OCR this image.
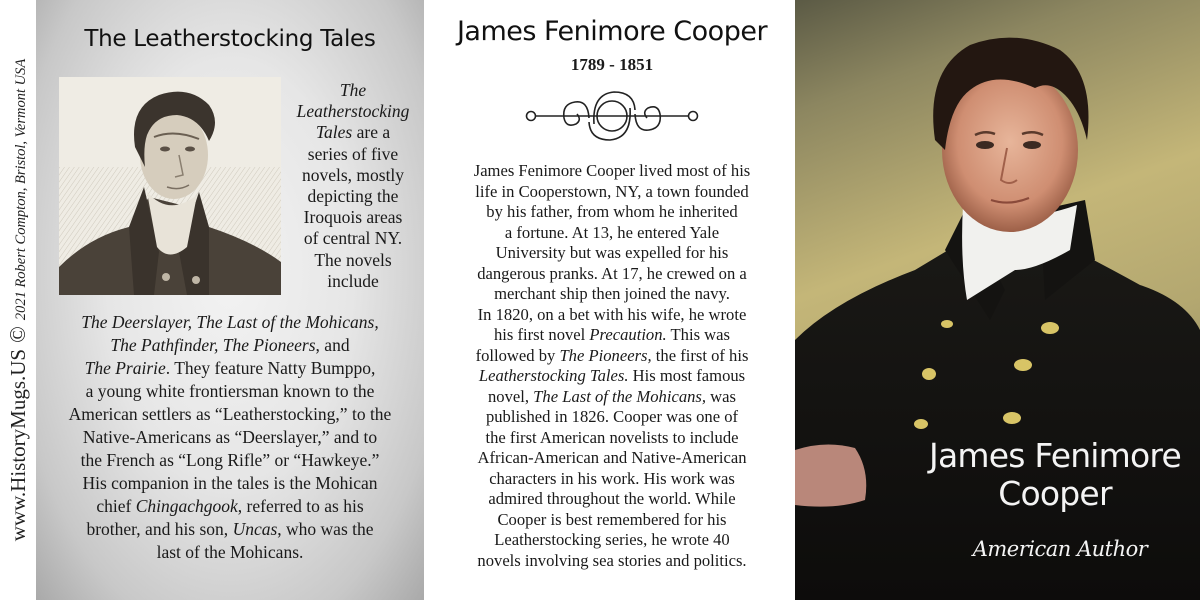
www.HistoryMugs.US
©
2021 Robert Compton, Bristol, Vermont USA
The Leatherstocking Tales
The
Leatherstocking
Tales are a
series of five
novels, mostly
depicting the
Iroquois areas
of central NY.
The novels
include
The Deerslayer, The Last of the Mohicans,
The Pathfinder, The Pioneers, and
The Prairie. They feature Natty Bumppo,
a young white frontiersman known to the
American settlers as “Leatherstocking,” to the
Native-Americans as “Deerslayer,” and to
the French as “Long Rifle” or “Hawkeye.”
His companion in the tales is the Mohican
chief Chingachgook, referred to as his
brother, and his son, Uncas, who was the
last of the Mohicans.
James Fenimore Cooper
1789 - 1851
James Fenimore Cooper lived most of his
life in Cooperstown, NY, a town founded
by his father, from whom he inherited
a fortune. At 13, he entered Yale
University but was expelled for his
dangerous pranks. At 17, he crewed on a
merchant ship then joined the navy.
In 1820, on a bet with his wife, he wrote
his first novel Precaution. This was
followed by The Pioneers, the first of his
Leatherstocking Tales. His most famous
novel, The Last of the Mohicans, was
published in 1826. Cooper was one of
the first American novelists to include
African-American and Native-American
characters in his work. His work was
admired throughout the world. While
Cooper is best remembered for his
Leatherstocking series, he wrote 40
novels involving sea stories and politics.
James Fenimore
Cooper
American Author
